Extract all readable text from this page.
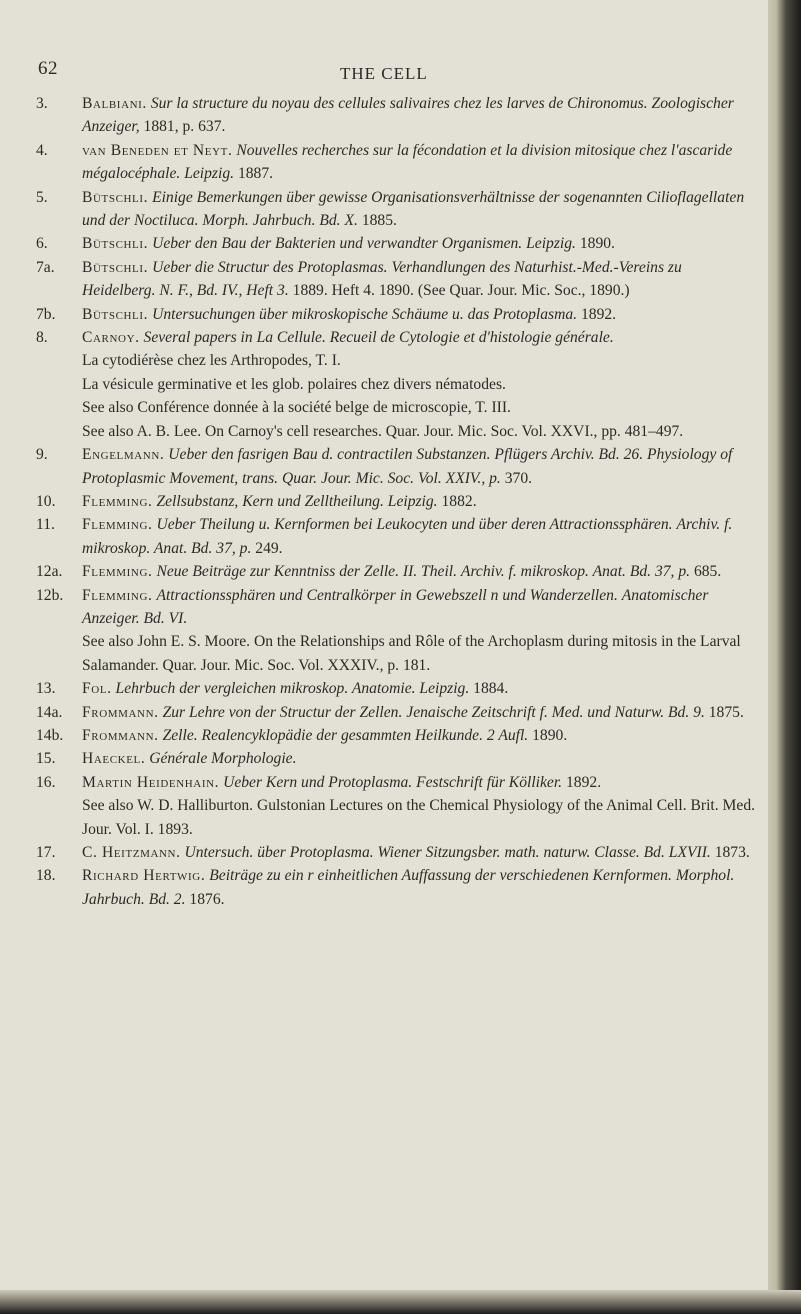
62	THE CELL

3.	Balbiani. Sur la structure du noyau des cellules salivaires chez les larves de Chironomus. Zoologischer Anzeiger, 1881, p. 637.

4.	van Beneden et Neyt. Nouvelles recherches sur la fécondation et la division mitosique chez l'ascaride mégalocéphale. Leipzig. 1887.

5.	Bütschli. Einige Bemerkungen über gewisse Organisationsverhältnisse der sogenannten Cilioflagellaten und der Noctiluca. Morph. Jahrbuch. Bd. X. 1885.

6.	Bütschli. Ueber den Bau der Bakterien und verwandter Organismen. Leipzig. 1890.

7a.	Bütschli. Ueber die Structur des Protoplasmas. Verhandlungen des Naturhist.-Med.-Vereins zu Heidelberg. N. F., Bd. IV., Heft 3. 1889. Heft 4. 1890. (See Quar. Jour. Mic. Soc., 1890.)

7b.	Bütschli. Untersuchungen über mikroskopische Schäume u. das Protoplasma. 1892.

8.	Carnoy. Several papers in La Cellule. Recueil de Cytologie et d'histologie générale.
La cytodiérèse chez les Arthropodes, T. I.
La vésicule germinative et les glob. polaires chez divers nématodes.
See also Conférence donnée à la société belge de microscopie, T. III.
See also A. B. Lee. On Carnoy's cell researches. Quar. Jour. Mic. Soc. Vol. XXVI., pp. 481–497.

9.	Engelmann. Ueber den fasrigen Bau d. contractilen Substanzen. Pflügers Archiv. Bd. 26. Physiology of Protoplasmic Movement, trans. Quar. Jour. Mic. Soc. Vol. XXIV., p. 370.

10.	Flemming. Zellsubstanz, Kern und Zelltheilung. Leipzig. 1882.

11.	Flemming. Ueber Theilung u. Kernformen bei Leukocyten und über deren Attractionssphären. Archiv. f. mikroskop. Anat. Bd. 37, p. 249.

12a.	Flemming. Neue Beiträge zur Kenntniss der Zelle. II. Theil. Archiv. f. mikroskop. Anat. Bd. 37, p. 685.

12b.	Flemming. Attractionssphären und Centralkörper in Gewebszell n und Wanderzellen. Anatomischer Anzeiger. Bd. VI.
See also John E. S. Moore. On the Relationships and Rôle of the Archoplasm during mitosis in the Larval Salamander. Quar. Jour. Mic. Soc. Vol. XXXIV., p. 181.

13.	Fol. Lehrbuch der vergleichen mikroskop. Anatomie. Leipzig. 1884.

14a.	Frommann. Zur Lehre von der Structur der Zellen. Jenaische Zeitschrift f. Med. und Naturw. Bd. 9. 1875.

14b.	Frommann. Zelle. Realencyklopädie der gesammten Heilkunde. 2 Aufl. 1890.

15.	Haeckel. Générale Morphologie.

16.	Martin Heidenhain. Ueber Kern und Protoplasma. Festschrift für Kölliker. 1892.
See also W. D. Halliburton. Gulstonian Lectures on the Chemical Physiology of the Animal Cell. Brit. Med. Jour. Vol. I. 1893.

17.	C. Heitzmann. Untersuch. über Protoplasma. Wiener Sitzungsber. math. naturw. Classe. Bd. LXVII. 1873.

18.	Richard Hertwig. Beiträge zu ein r einheitlichen Auffassung der verschiedenen Kernformen. Morphol. Jahrbuch. Bd. 2. 1876.
